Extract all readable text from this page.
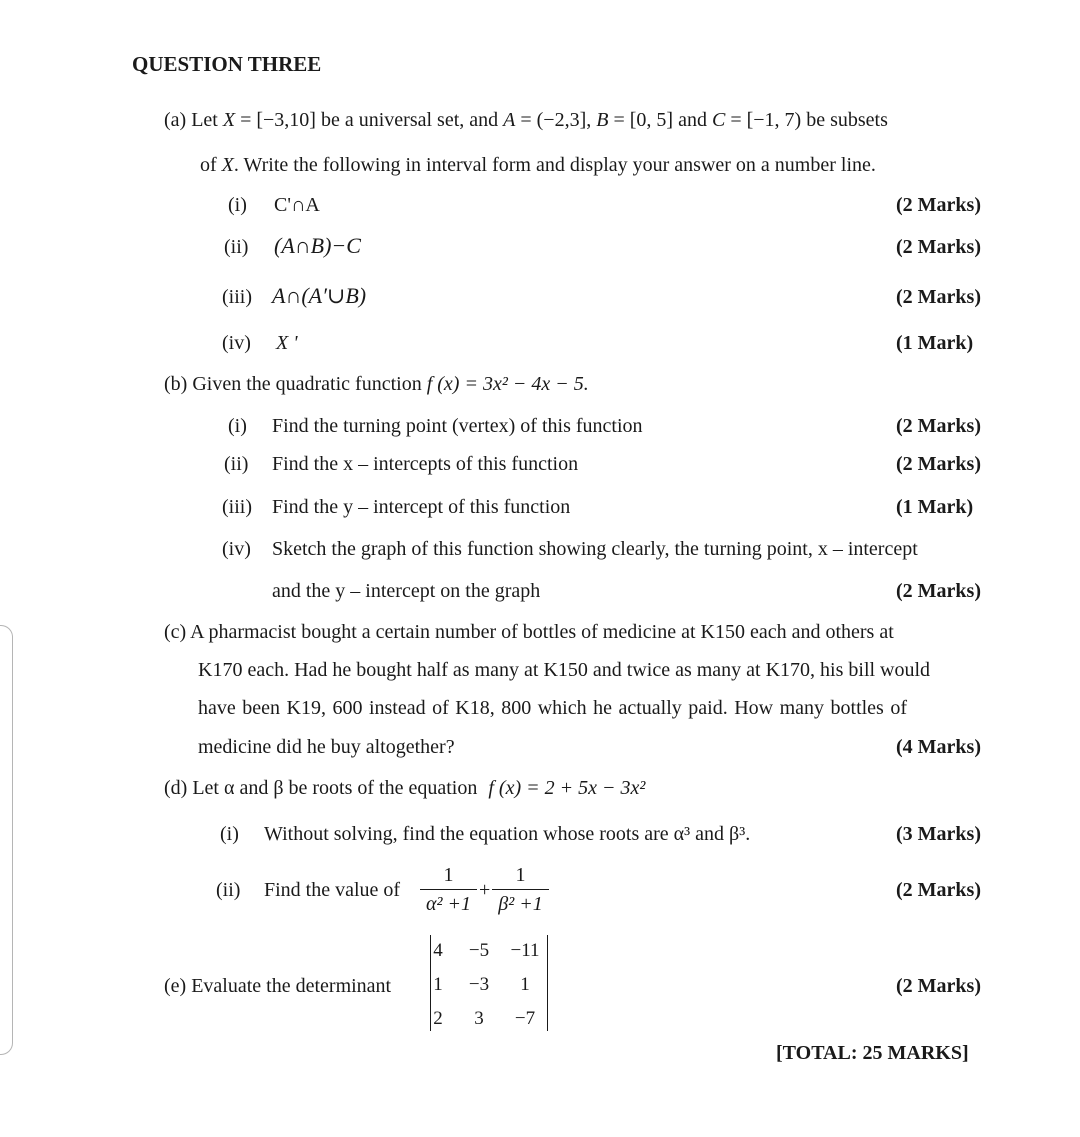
QUESTION THREE
(a) Let X = [−3,10] be a universal set, and A = (−2,3], B = [0, 5] and C = [−1, 7) be subsets
of X. Write the following in interval form and display your answer on a number line.
(i) C'∩A	(2 Marks)
(ii) (A∩B)−C	(2 Marks)
(iii) A∩(A′∪B)	(2 Marks)
(iv) X '	(1 Mark)
(b) Given the quadratic function f (x) = 3x² − 4x − 5.
(i) Find the turning point (vertex) of this function	(2 Marks)
(ii) Find the x – intercepts of this function	(2 Marks)
(iii) Find the y – intercept of this function	(1 Mark)
(iv) Sketch the graph of this function showing clearly, the turning point, x – intercept
and the y – intercept on the graph	(2 Marks)
(c) A pharmacist bought a certain number of bottles of medicine at K150 each and others at
K170 each. Had he bought half as many at K150 and twice as many at K170, his bill would
have been K19, 600 instead of K18, 800 which he actually paid. How many bottles of
medicine did he buy altogether?	(4 Marks)
(d) Let α and β be roots of the equation f (x) = 2 + 5x − 3x²
(i) Without solving, find the equation whose roots are α³ and β³.	(3 Marks)
(ii) Find the value of $\frac{1}{\text{α² +1}} + \frac{1}{\text{β² +1}}$	(2 Marks)
(e) Evaluate the determinant
4	−5	−11
1	−3	1
2	3	−7
(2 Marks)
[TOTAL: 25 MARKS]
